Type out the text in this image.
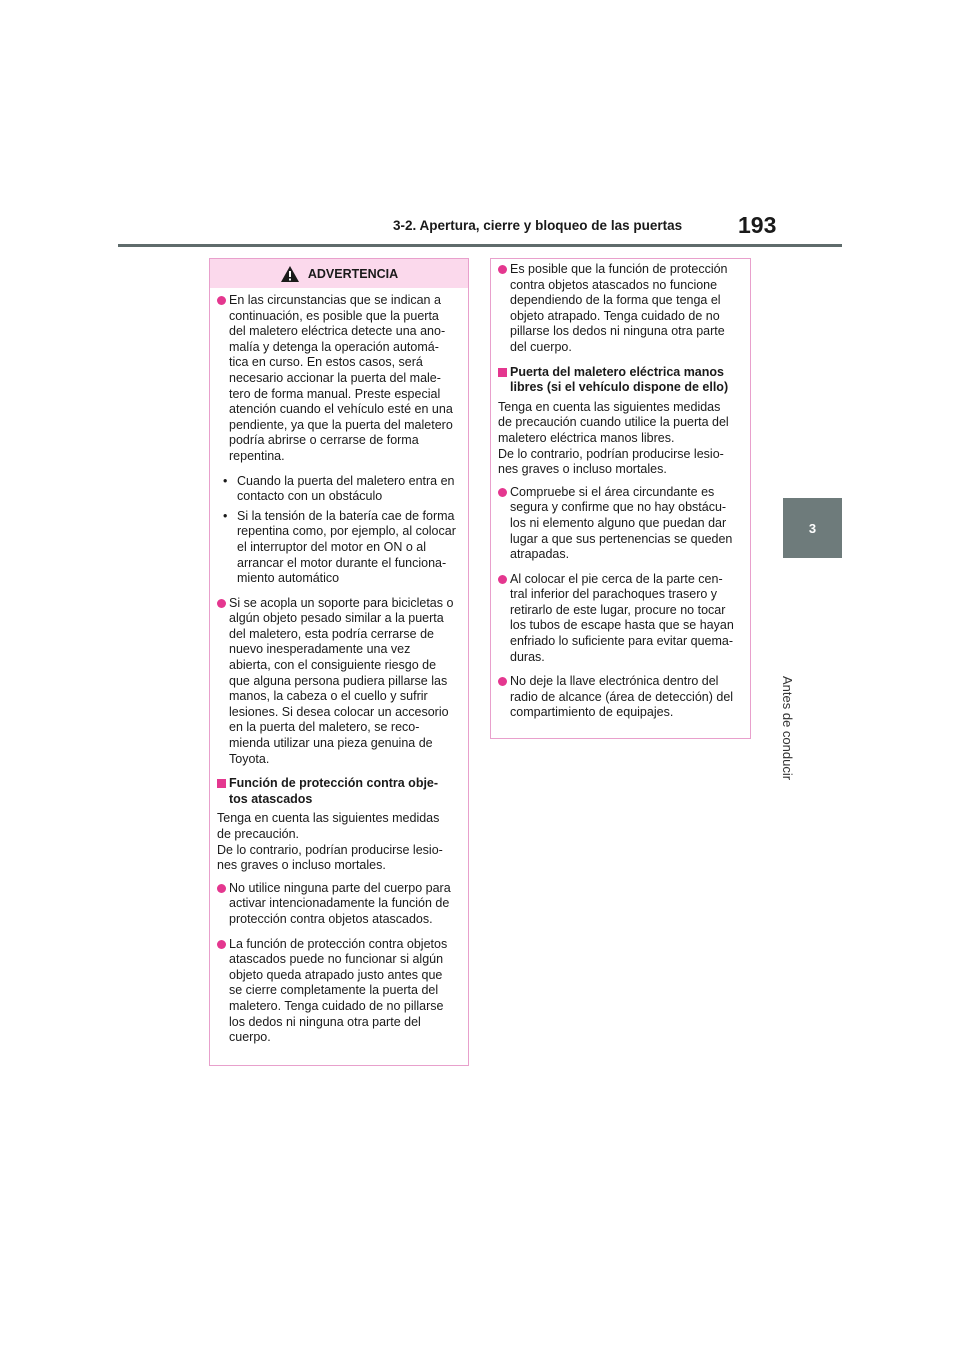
3-2. Apertura, cierre y bloqueo de las puertas 193
3
Antes de conducir
ADVERTENCIA
En las circunstancias que se indican a
continuación, es posible que la puerta
del maletero eléctrica detecte una ano-
malía y detenga la operación automá-
tica en curso. En estos casos, será
necesario accionar la puerta del male-
tero de forma manual. Preste especial
atención cuando el vehículo esté en una
pendiente, ya que la puerta del maletero
podría abrirse o cerrarse de forma
repentina.
• Cuando la puerta del maletero entra en
contacto con un obstáculo
• Si la tensión de la batería cae de forma
repentina como, por ejemplo, al colocar
el interruptor del motor en ON o al
arrancar el motor durante el funciona-
miento automático
Si se acopla un soporte para bicicletas o
algún objeto pesado similar a la puerta
del maletero, esta podría cerrarse de
nuevo inesperadamente una vez
abierta, con el consiguiente riesgo de
que alguna persona pudiera pillarse las
manos, la cabeza o el cuello y sufrir
lesiones. Si desea colocar un accesorio
en la puerta del maletero, se reco-
mienda utilizar una pieza genuina de
Toyota.
Función de protección contra obje-
tos atascados
Tenga en cuenta las siguientes medidas
de precaución.
De lo contrario, podrían producirse lesio-
nes graves o incluso mortales.
No utilice ninguna parte del cuerpo para
activar intencionadamente la función de
protección contra objetos atascados.
La función de protección contra objetos
atascados puede no funcionar si algún
objeto queda atrapado justo antes que
se cierre completamente la puerta del
maletero. Tenga cuidado de no pillarse
los dedos ni ninguna otra parte del
cuerpo.
Es posible que la función de protección
contra objetos atascados no funcione
dependiendo de la forma que tenga el
objeto atrapado. Tenga cuidado de no
pillarse los dedos ni ninguna otra parte
del cuerpo.
Puerta del maletero eléctrica manos
libres (si el vehículo dispone de ello)
Tenga en cuenta las siguientes medidas
de precaución cuando utilice la puerta del
maletero eléctrica manos libres.
De lo contrario, podrían producirse lesio-
nes graves o incluso mortales.
Compruebe si el área circundante es
segura y confirme que no hay obstácu-
los ni elemento alguno que puedan dar
lugar a que sus pertenencias se queden
atrapadas.
Al colocar el pie cerca de la parte cen-
tral inferior del parachoques trasero y
retirarlo de este lugar, procure no tocar
los tubos de escape hasta que se hayan
enfriado lo suficiente para evitar quema-
duras.
No deje la llave electrónica dentro del
radio de alcance (área de detección) del
compartimiento de equipajes.
